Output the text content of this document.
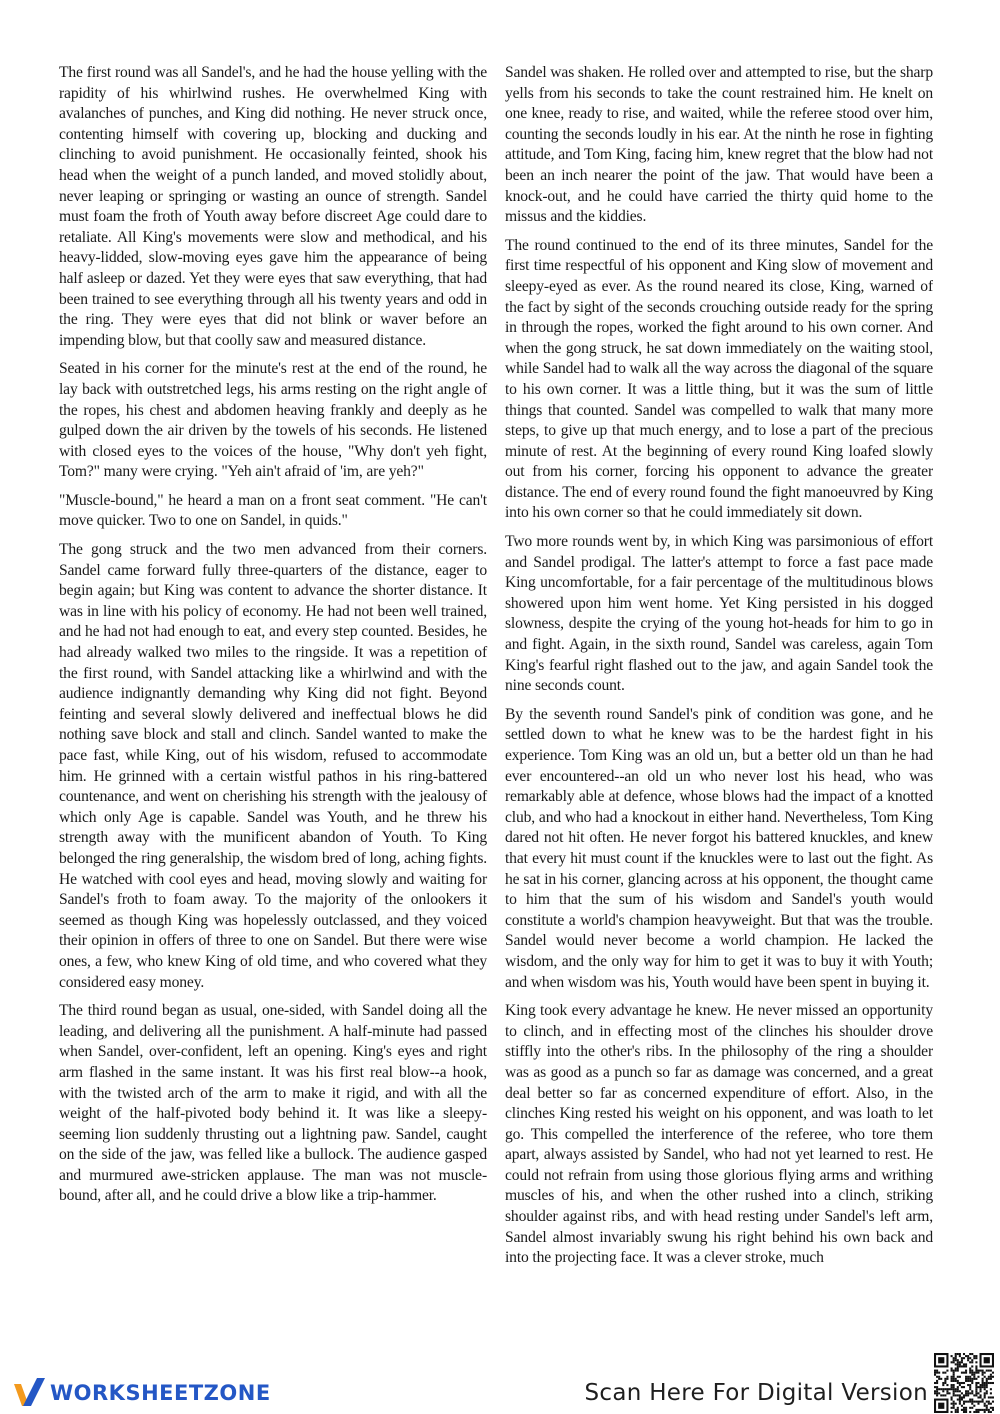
The first round was all Sandel's, and he had the house yelling with the rapidity of his whirlwind rushes. He overwhelmed King with avalanches of punches, and King did nothing. He never struck once, contenting himself with covering up, blocking and ducking and clinching to avoid punishment. He occasionally feinted, shook his head when the weight of a punch landed, and moved stolidly about, never leaping or springing or wasting an ounce of strength. Sandel must foam the froth of Youth away before discreet Age could dare to retaliate. All King's movements were slow and methodical, and his heavy-lidded, slow-moving eyes gave him the appearance of being half asleep or dazed. Yet they were eyes that saw everything, that had been trained to see everything through all his twenty years and odd in the ring. They were eyes that did not blink or waver before an impending blow, but that coolly saw and measured distance.

Seated in his corner for the minute's rest at the end of the round, he lay back with outstretched legs, his arms resting on the right angle of the ropes, his chest and abdomen heaving frankly and deeply as he gulped down the air driven by the towels of his seconds. He listened with closed eyes to the voices of the house, "Why don't yeh fight, Tom?" many were crying. "Yeh ain't afraid of 'im, are yeh?"

"Muscle-bound," he heard a man on a front seat comment. "He can't move quicker. Two to one on Sandel, in quids."

The gong struck and the two men advanced from their corners. Sandel came forward fully three-quarters of the distance, eager to begin again; but King was content to advance the shorter distance. It was in line with his policy of economy. He had not been well trained, and he had not had enough to eat, and every step counted. Besides, he had already walked two miles to the ringside. It was a repetition of the first round, with Sandel attacking like a whirlwind and with the audience indignantly demanding why King did not fight. Beyond feinting and several slowly delivered and ineffectual blows he did nothing save block and stall and clinch. Sandel wanted to make the pace fast, while King, out of his wisdom, refused to accommodate him. He grinned with a certain wistful pathos in his ring-battered countenance, and went on cherishing his strength with the jealousy of which only Age is capable. Sandel was Youth, and he threw his strength away with the munificent abandon of Youth. To King belonged the ring generalship, the wisdom bred of long, aching fights. He watched with cool eyes and head, moving slowly and waiting for Sandel's froth to foam away. To the majority of the onlookers it seemed as though King was hopelessly outclassed, and they voiced their opinion in offers of three to one on Sandel. But there were wise ones, a few, who knew King of old time, and who covered what they considered easy money.

The third round began as usual, one-sided, with Sandel doing all the leading, and delivering all the punishment. A half-minute had passed when Sandel, over-confident, left an opening. King's eyes and right arm flashed in the same instant. It was his first real blow--a hook, with the twisted arch of the arm to make it rigid, and with all the weight of the half-pivoted body behind it. It was like a sleepy-seeming lion suddenly thrusting out a lightning paw. Sandel, caught on the side of the jaw, was felled like a bullock. The audience gasped and murmured awe-stricken applause. The man was not muscle-bound, after all, and he could drive a blow like a trip-hammer.

Sandel was shaken. He rolled over and attempted to rise, but the sharp yells from his seconds to take the count restrained him. He knelt on one knee, ready to rise, and waited, while the referee stood over him, counting the seconds loudly in his ear. At the ninth he rose in fighting attitude, and Tom King, facing him, knew regret that the blow had not been an inch nearer the point of the jaw. That would have been a knock-out, and he could have carried the thirty quid home to the missus and the kiddies.

The round continued to the end of its three minutes, Sandel for the first time respectful of his opponent and King slow of movement and sleepy-eyed as ever. As the round neared its close, King, warned of the fact by sight of the seconds crouching outside ready for the spring in through the ropes, worked the fight around to his own corner. And when the gong struck, he sat down immediately on the waiting stool, while Sandel had to walk all the way across the diagonal of the square to his own corner. It was a little thing, but it was the sum of little things that counted. Sandel was compelled to walk that many more steps, to give up that much energy, and to lose a part of the precious minute of rest. At the beginning of every round King loafed slowly out from his corner, forcing his opponent to advance the greater distance. The end of every round found the fight manoeuvred by King into his own corner so that he could immediately sit down.

Two more rounds went by, in which King was parsimonious of effort and Sandel prodigal. The latter's attempt to force a fast pace made King uncomfortable, for a fair percentage of the multitudinous blows showered upon him went home. Yet King persisted in his dogged slowness, despite the crying of the young hot-heads for him to go in and fight. Again, in the sixth round, Sandel was careless, again Tom King's fearful right flashed out to the jaw, and again Sandel took the nine seconds count.

By the seventh round Sandel's pink of condition was gone, and he settled down to what he knew was to be the hardest fight in his experience. Tom King was an old un, but a better old un than he had ever encountered--an old un who never lost his head, who was remarkably able at defence, whose blows had the impact of a knotted club, and who had a knockout in either hand. Nevertheless, Tom King dared not hit often. He never forgot his battered knuckles, and knew that every hit must count if the knuckles were to last out the fight. As he sat in his corner, glancing across at his opponent, the thought came to him that the sum of his wisdom and Sandel's youth would constitute a world's champion heavyweight. But that was the trouble. Sandel would never become a world champion. He lacked the wisdom, and the only way for him to get it was to buy it with Youth; and when wisdom was his, Youth would have been spent in buying it.

King took every advantage he knew. He never missed an opportunity to clinch, and in effecting most of the clinches his shoulder drove stiffly into the other's ribs. In the philosophy of the ring a shoulder was as good as a punch so far as damage was concerned, and a great deal better so far as concerned expenditure of effort. Also, in the clinches King rested his weight on his opponent, and was loath to let go. This compelled the interference of the referee, who tore them apart, always assisted by Sandel, who had not yet learned to rest. He could not refrain from using those glorious flying arms and writhing muscles of his, and when the other rushed into a clinch, striking shoulder against ribs, and with head resting under Sandel's left arm, Sandel almost invariably swung his right behind his own back and into the projecting face. It was a clever stroke, much

WORKSHEETZONE	Scan Here For Digital Version
